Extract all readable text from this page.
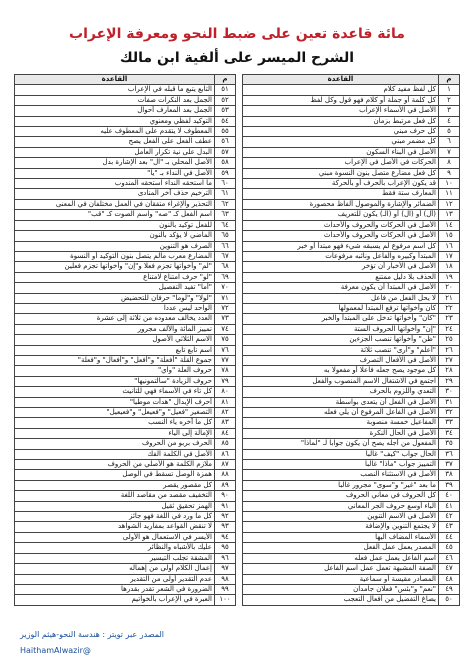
مائة قاعدة تعين على ضبط النحو ومعرفة الإعراب
الشرح الميسر على ألفية ابن مالك
م	القاعدة
١	كل لفظ مفيد كلام
٢	كل كلمة أو جملة أو كلام فهو قول وكل لفظ
٣	الأصل في الأسماء الإعراب
٤	كل فعل مرتبط بزمان
٥	كل حرف مبني
٦	كل مضمر مبني
٧	الأصل في البناء السكون
٨	الحركات في الأصل في الإعراب
٩	كل فعل مضارع متصل بنون النسوة مبني
١٠	قد يكون الإعراب بالحرف أو بالحركة
١١	المعارف ستة فقط
١٢	الضمائر والإشارة والموصول ألفاظ محصورة
١٣	(أل) أو (ال) أو (الـ) يكون للتعريف
١٤	الأصل في الحركات والحروف والأحداث
١٥	الأصل في الحركات والحروف والأحداث
١٦	كل اسم مرفوع لم يسبقه شيء فهو مبتدأ أو خبر
١٧	المبتدأ وكبيره والفاعل ونائبه مرفوعات
١٨	الأصل في الأخبار أن تؤخر
١٩	الحذف بلا دليل ممتنع
٢٠	الأصل في المبتدأ أن يكون معرفة
٢١	لا يحل الفعل من فاعل
٢٢	كان وأخواتها ترفع المبتدأ لمعمولها
٢٣	"كان" وأخواتها تدخل على المبتدأ والخبر
٢٤	"إن" وأخواتها الحروف الستة
٢٥	"ظن" وأخواتها تنصب الجزءين
٢٦	"أعلم" و"أرى" تنصب ثلاثة
٢٧	الأصل في الأفعال التصرف
٢٨	كل موجود يصح جعله فاعلا أو مفعولا به
٢٩	اجتمع في الاشتغال الاسم المنصوب والفعل
٣٠	التعدي واللزوم بالحرف
٣١	الأصل في الفعل أن يتعدى بواسطة
٣٢	الأصل في الفاعل المرفوع أن يلي فعله
٣٣	المفاعيل خمسة منصوبة
٣٤	الأصل في الحال النكرة
٣٥	المفعول من أجله يصح أن يكون جوابا لـ "لماذا"
٣٦	الحال جواب "كيف" غالبا
٣٧	التمييز جواب "ماذا" غالبا
٣٨	الأصل في الاستثناء النصب
٣٩	ما بعد "غير" و"سوى" مجرور غالبا
٤٠	كل الحروف في معاني الحروف
٤١	الباء أوسع حروف الجر المعاني
٤٢	الأصل في الاسم التنوين
٤٣	لا يجتمع التنوين والإضافة
٤٤	الأسماء المضاف اليها
٤٥	المصدر يعمل عمل الفعل
٤٦	اسم الفاعل يعمل عمل فعله
٤٧	الصفة المشبهة تعمل عمل اسم الفاعل
٤٨	المصادر مقيسة أو سماعية
٤٩	"نعم" و"بئس" فعلان جامدان
٥٠	يصاغ التفضيل من أفعال التعجب
م	القاعدة
٥١	التابع يتبع ما قبله في الإعراب
٥٢	الجمل بعد النكرات صفات
٥٣	الجمل بعد المعارف أحوال
٥٤	التوكيد لفظي ومعنوي
٥٥	المعطوف لا يتقدم على المعطوف عليه
٥٦	عطف الفعل على الفعل يصح
٥٧	البدل على نية تكرار العامل
٥٨	الأصل المحلي بـ "ال" بعد الإشارة بدل
٥٩	الأصل في النداء بـ "يا"
٦٠	ما استحقه النداء استحقه المندوب
٦١	الترخيم حذف آخر المنادى
٦٢	التحذير والإغراء متفقان في العمل مختلفان في المعنى
٦٣	اسم الفعل كـ "صه" واسم الصوت كـ "قب"
٦٤	للفعل توكيد بالنون
٦٥	الماضي لا يؤكد بالنون
٦٦	الصرف هو التنوين
٦٧	المضارع معرب مالم يتصل بنون التوكيد أو النسوة
٦٨	"لم" وأخواتها تجزم فعلا و"إن" وأخواتها تجزم فعلين
٦٩	"لو" حرف امتناع لامتناع
٧٠	"أما" تفيد التفصيل
٧١	"لولا" و"لوما" حرفان للتحضيض
٧٢	الواحد ليس عددا
٧٣	العدد يخالف معدوده من ثلاثة إلى عشرة
٧٤	تمييز المائة والألف مجرور
٧٥	الاسم الثلاثي الأصول
٧٦	اسم تابع تابع
٧٧	جموع القلة "أفعلة" و"أفعل" و"أفعال" و"فعلة"
٧٨	حروف العلة "واي"
٧٩	حروف الزيادة "سألتمونيها"
٨٠	كل تاء في الأسماء فهي للتأنيث
٨١	أحرف الإبدال "هدأت موطيا"
٨٢	التصغير "فعيل" و"فعيعل" و"فعيعيل"
٨٣	كل ما آخره ياء النسب
٨٤	الإمالة إلى الياء
٨٥	الحرف بربو من الحروف
٨٦	الأصل في الكلمة الفك
٨٧	ملازم الكلمة هو الأصلي من الحروف
٨٨	همزة الوصل تسقط في الوصل
٨٩	كل مقصور يقصر
٩٠	التخفيف مقصد من مقاصد اللغة
٩١	الهمز تحقيق ثقيل
٩٢	كل ما ورد في اللغة فهو جائز
٩٣	لا تنقض القواعد بمفاريد الشواهد
٩٤	الأيسر في الاستعمال هو الأولى
٩٥	عليك بالأشباه والنظائر
٩٦	المشقة تجلب التيسير
٩٧	إعمال الكلام أولى من إهماله
٩٨	عدم التقدير أولى من التقدير
٩٩	الضرورة في الشعر تقدر بقدرها
١٠٠	العبرة في الإعراب بالخواتيم
المصدر عبر تويتر : هندسة النحو-هيثم الوزير
@HaithamAlwazir
